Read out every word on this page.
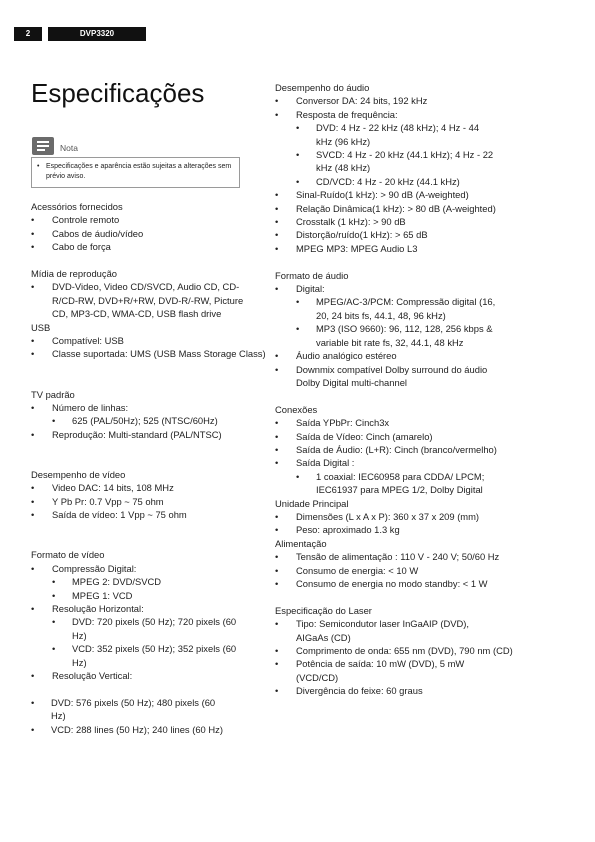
2	DVP3320
Especificações
Nota
• Especificações e aparência estão sujeitas a alterações sem prévio aviso.
Acessórios fornecidos
• Controle remoto
• Cabos de áudio/vídeo
• Cabo de força
Mídia de reprodução
• DVD-Video, Video CD/SVCD, Audio CD, CD-R/CD-RW, DVD+R/+RW, DVD-R/-RW, Picture CD, MP3-CD, WMA-CD, USB flash drive
USB
• Compatível: USB
• Classe suportada: UMS (USB Mass Storage Class)
TV padrão
• Número de linhas:
• 625 (PAL/50Hz); 525 (NTSC/60Hz)
• Reprodução: Multi-standard (PAL/NTSC)
Desempenho de vídeo
• Video DAC: 14 bits, 108 MHz
• Y Pb Pr: 0.7 Vpp ~ 75 ohm
• Saída de vídeo: 1 Vpp ~ 75 ohm
Formato de vídeo
• Compressão Digital:
• MPEG 2: DVD/SVCD
• MPEG 1: VCD
• Resolução Horizontal:
• DVD: 720 pixels (50 Hz); 720 pixels (60 Hz)
• VCD: 352 pixels (50 Hz); 352 pixels (60 Hz)
• Resolução Vertical:
• DVD: 576 pixels (50 Hz); 480 pixels (60 Hz)
• VCD: 288 lines (50 Hz); 240 lines (60 Hz)
Desempenho do áudio
• Conversor DA: 24 bits, 192 kHz
• Resposta de frequência:
• DVD: 4 Hz - 22 kHz (48 kHz); 4 Hz - 44 kHz (96 kHz)
• SVCD: 4 Hz - 20 kHz (44.1 kHz); 4 Hz - 22 kHz (48 kHz)
• CD/VCD: 4 Hz - 20 kHz (44.1 kHz)
• Sinal-Ruído(1 kHz): > 90 dB (A-weighted)
• Relação Dinâmica(1 kHz): > 80 dB (A-weighted)
• Crosstalk (1 kHz): > 90 dB
• Distorção/ruído(1 kHz): > 65 dB
• MPEG MP3: MPEG Audio L3
Formato de áudio
• Digital:
• MPEG/AC-3/PCM: Compressão digital (16, 20, 24 bits fs, 44.1, 48, 96 kHz)
• MP3 (ISO 9660): 96, 112, 128, 256 kbps & variable bit rate fs, 32, 44.1, 48 kHz
• Áudio analógico estéreo
• Downmix compatível Dolby surround do áudio Dolby Digital multi-channel
Conexões
• Saída YPbPr: Cinch3x
• Saída de Vídeo: Cinch (amarelo)
• Saída de Áudio: (L+R): Cinch (branco/vermelho)
• Saída Digital :
• 1 coaxial: IEC60958 para CDDA/ LPCM; IEC61937 para MPEG 1/2, Dolby Digital
Unidade Principal
• Dimensões (L x A x P): 360 x 37 x 209 (mm)
• Peso: aproximado 1.3 kg
Alimentação
• Tensão de alimentação : 110 V - 240 V; 50/60 Hz
• Consumo de energia: < 10 W
• Consumo de energia no modo standby: < 1 W
Especificação do Laser
• Tipo: Semicondutor laser InGaAIP (DVD), AIGaAs (CD)
• Comprimento de onda: 655 nm (DVD), 790 nm (CD)
• Potência de saída: 10 mW (DVD), 5 mW (VCD/CD)
• Divergência do feixe: 60 graus
